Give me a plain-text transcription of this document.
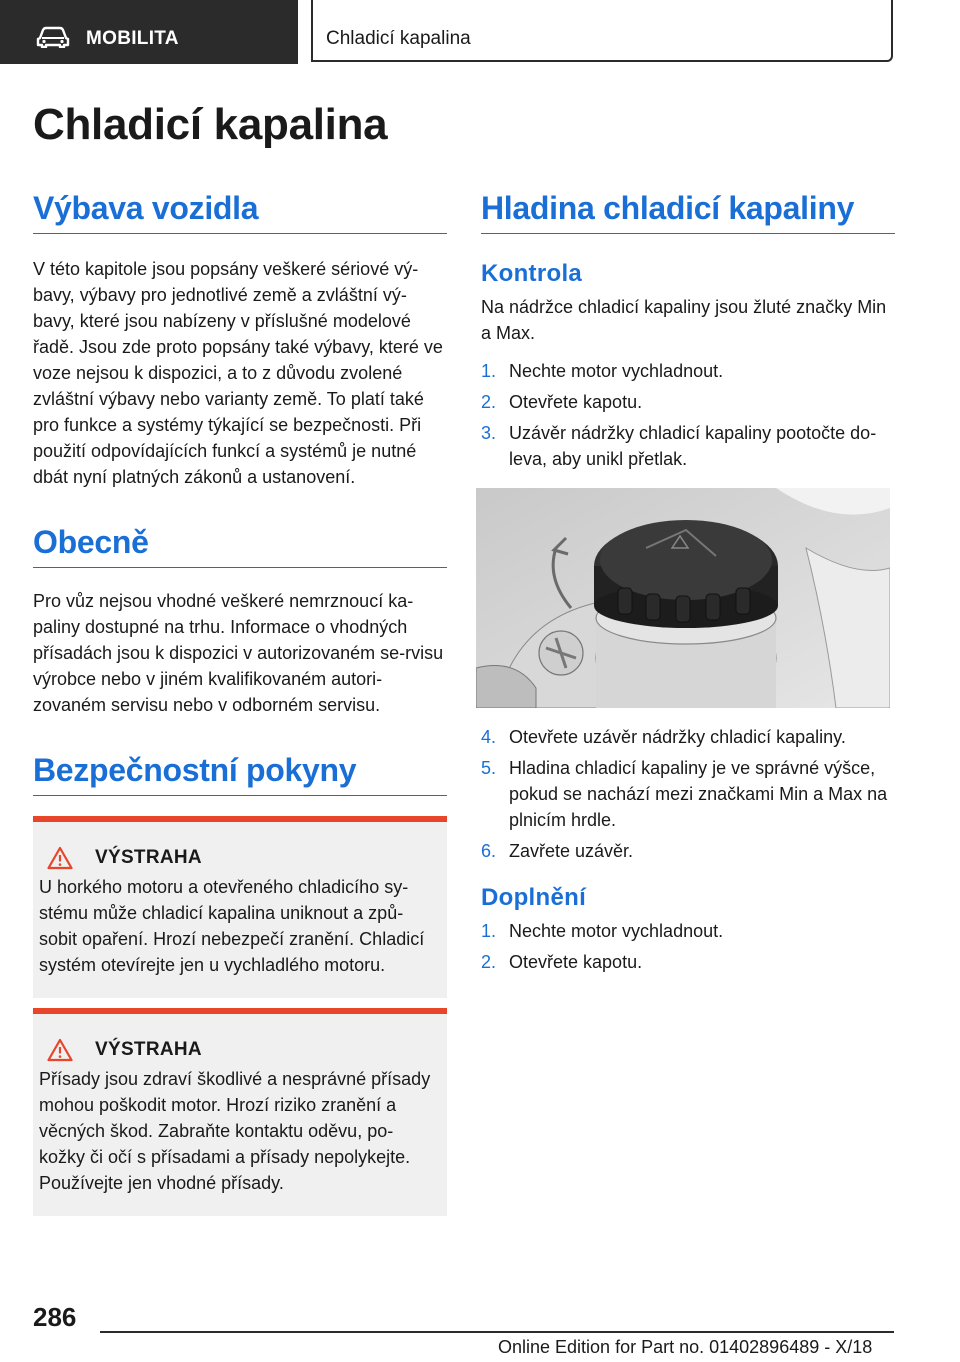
MOBILITA	Chladicí kapalina
Chladicí kapalina
Výbava vozidla

V této kapitole jsou popsány veškeré sériové vý-bavy, výbavy pro jednotlivé země a zvláštní vý-bavy, které jsou nabízeny v příslušné modelové řadě. Jsou zde proto popsány také výbavy, které ve voze nejsou k dispozici, a to z důvodu zvolené zvláštní výbavy nebo varianty země. To platí také pro funkce a systémy týkající se bezpečnosti. Při použití odpovídajících funkcí a systémů je nutné dbát nyní platných zákonů a ustanovení.

Obecně

Pro vůz nejsou vhodné veškeré nemrznoucí ka-paliny dostupné na trhu. Informace o vhodných přísadách jsou k dispozici v autorizovaném se-rvisu výrobce nebo v jiném kvalifikovaném autori-zovaném servisu nebo v odborném servisu.

Bezpečnostní pokyny
VÝSTRAHA

U horkého motoru a otevřeného chladicího sy-stému může chladicí kapalina uniknout a způ-sobit opaření. Hrozí nebezpečí zranění. Chladicí systém otevírejte jen u vychladlého motoru.

VÝSTRAHA

Přísady jsou zdraví škodlivé a nesprávné přísady mohou poškodit motor. Hrozí riziko zranění a věcných škod. Zabraňte kontaktu oděvu, po-kožky či očí s přísadami a přísady nepolykejte. Používejte jen vhodné přísady.

Hladina chladicí kapaliny
Kontrola

Na nádržce chladicí kapaliny jsou žluté značky Min a Max.

1. Nechte motor vychladnout.
2. Otevřete kapotu.
3. Uzávěr nádržky chladicí kapaliny pootočte do-leva, aby unikl přetlak.
4. Otevřete uzávěr nádržky chladicí kapaliny.
5. Hladina chladicí kapaliny je ve správné výšce, pokud se nachází mezi značkami Min a Max na plnicím hrdle.
6. Zavřete uzávěr.
Doplnění
1. Nechte motor vychladnout.
2. Otevřete kapotu.
286
Online Edition for Part no. 01402896489 - X/18
